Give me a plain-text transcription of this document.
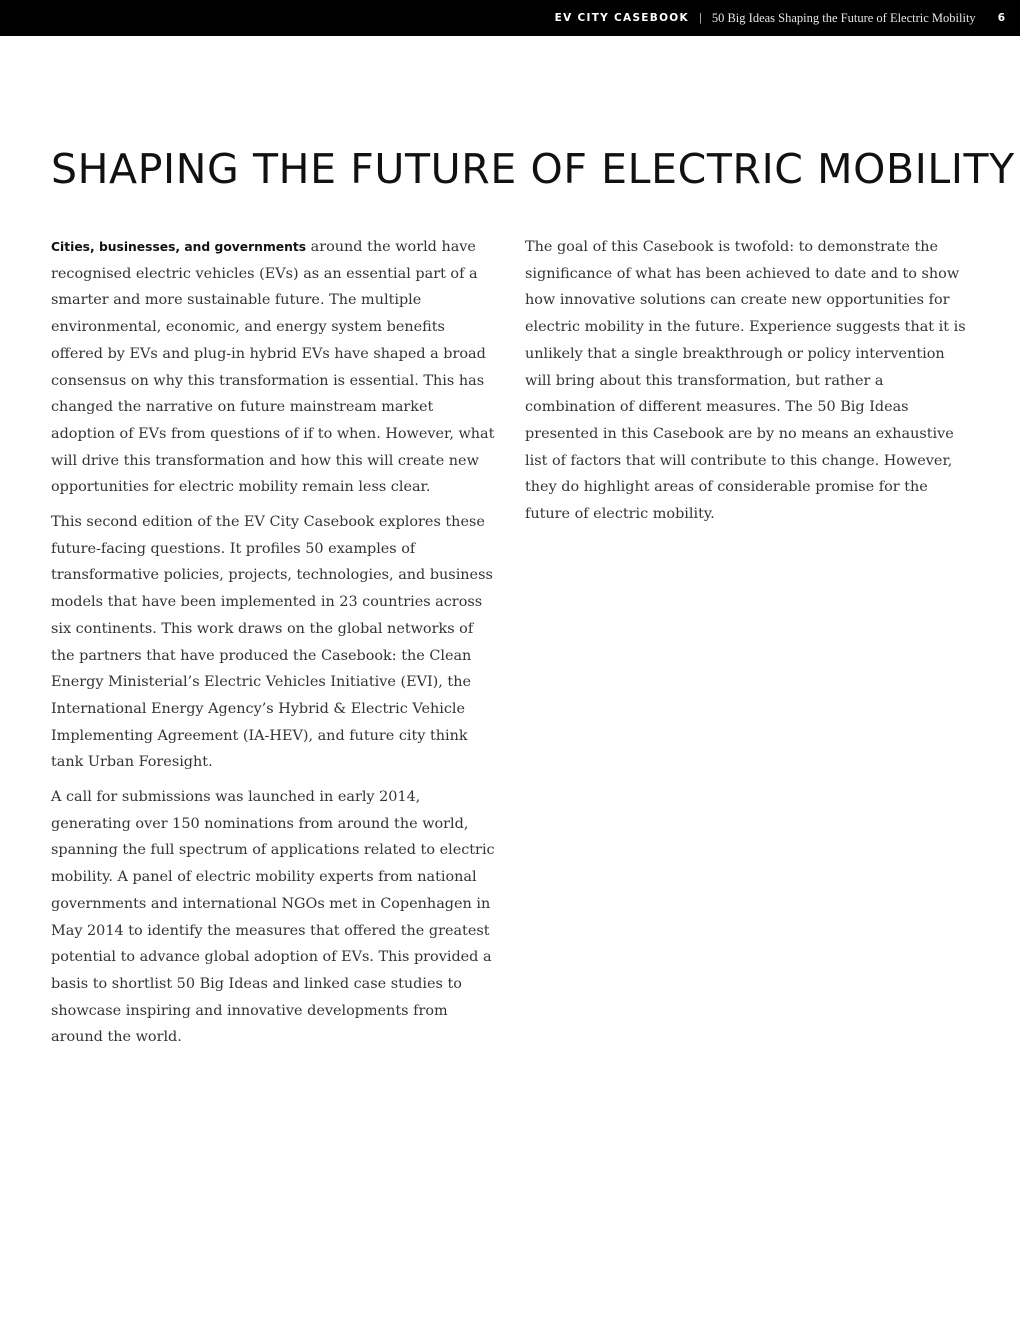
EV CITY CASEBOOK | 50 Big Ideas Shaping the Future of Electric Mobility 6
SHAPING THE FUTURE OF ELECTRIC MOBILITY

Cities, businesses, and governments around the world have recognised electric vehicles (EVs) as an essential part of a smarter and more sustainable future. The multiple environmental, economic, and energy system benefits offered by EVs and plug-in hybrid EVs have shaped a broad consensus on why this transformation is essential. This has changed the narrative on future mainstream market adoption of EVs from questions of if to when. However, what will drive this transformation and how this will create new opportunities for electric mobility remain less clear.

This second edition of the EV City Casebook explores these future-facing questions. It profiles 50 examples of transformative policies, projects, technologies, and business models that have been implemented in 23 countries across six continents. This work draws on the global networks of the partners that have produced the Casebook: the Clean Energy Ministerial’s Electric Vehicles Initiative (EVI), the International Energy Agency’s Hybrid & Electric Vehicle Implementing Agreement (IA-HEV), and future city think tank Urban Foresight.

A call for submissions was launched in early 2014, generating over 150 nominations from around the world, spanning the full spectrum of applications related to electric mobility. A panel of electric mobility experts from national governments and international NGOs met in Copenhagen in May 2014 to identify the measures that offered the greatest potential to advance global adoption of EVs. This provided a basis to shortlist 50 Big Ideas and linked case studies to showcase inspiring and innovative developments from around the world.

The goal of this Casebook is twofold: to demonstrate the significance of what has been achieved to date and to show how innovative solutions can create new opportunities for electric mobility in the future. Experience suggests that it is unlikely that a single breakthrough or policy intervention will bring about this transformation, but rather a combination of different measures. The 50 Big Ideas presented in this Casebook are by no means an exhaustive list of factors that will contribute to this change. However, they do highlight areas of considerable promise for the future of electric mobility.
